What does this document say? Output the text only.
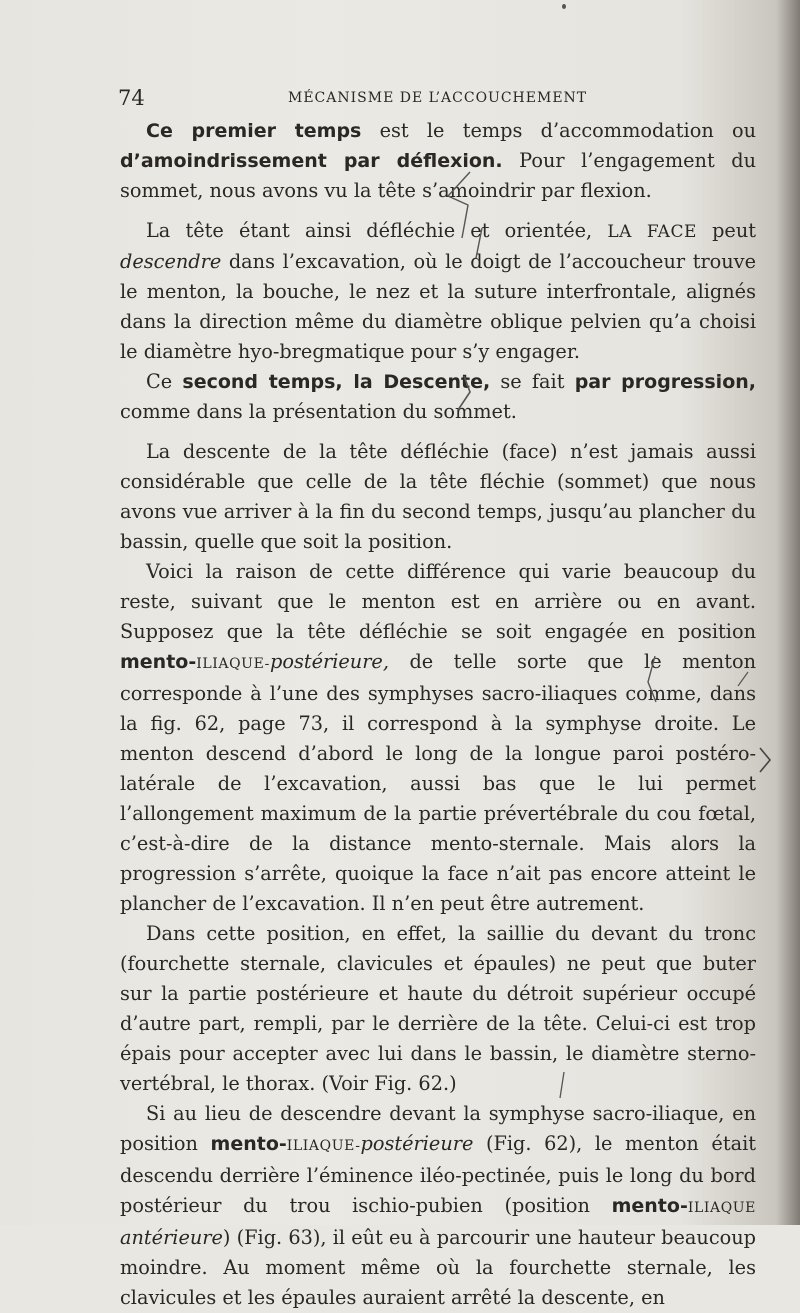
74	MÉCANISME DE L’ACCOUCHEMENT

Ce premier temps est le temps d’accommodation ou d’amoindrissement par déflexion. Pour l’engagement du sommet, nous avons vu la tête s’amoindrir par flexion.

La tête étant ainsi défléchie et orientée, LA FACE peut descendre dans l’excavation, où le doigt de l’accoucheur trouve le menton, la bouche, le nez et la suture interfrontale, alignés dans la direction même du diamètre oblique pelvien qu’a choisi le diamètre hyo-bregmatique pour s’y engager.

Ce second temps, la Descente, se fait par progression, comme dans la présentation du sommet.

La descente de la tête défléchie (face) n’est jamais aussi considérable que celle de la tête fléchie (sommet) que nous avons vue arriver à la fin du second temps, jusqu’au plancher du bassin, quelle que soit la position.

Voici la raison de cette différence qui varie beaucoup du reste, suivant que le menton est en arrière ou en avant. Supposez que la tête défléchie se soit engagée en position mento-ILIAQUE-postérieure, de telle sorte que le menton corresponde à l’une des symphyses sacro-iliaques comme, dans la fig. 62, page 73, il correspond à la symphyse droite. Le menton descend d’abord le long de la longue paroi postéro-latérale de l’excavation, aussi bas que le lui permet l’allongement maximum de la partie prévertébrale du cou fœtal, c’est-à-dire de la distance mento-sternale. Mais alors la progression s’arrête, quoique la face n’ait pas encore atteint le plancher de l’excavation. Il n’en peut être autrement.

Dans cette position, en effet, la saillie du devant du tronc (fourchette sternale, clavicules et épaules) ne peut que buter sur la partie postérieure et haute du détroit supérieur occupé d’autre part, rempli, par le derrière de la tête. Celui-ci est trop épais pour accepter avec lui dans le bassin, le diamètre sterno-vertébral, le thorax. (Voir Fig. 62.)

Si au lieu de descendre devant la symphyse sacro-iliaque, en position mento-ILIAQUE-postérieure (Fig. 62), le menton était descendu derrière l’éminence iléo-pectinée, puis le long du bord postérieur du trou ischio-pubien (position mento-ILIAQUE antérieure) (Fig. 63), il eût eu à parcourir une hauteur beaucoup moindre. Au moment même où la fourchette sternale, les clavicules et les épaules auraient arrêté la descente, en
